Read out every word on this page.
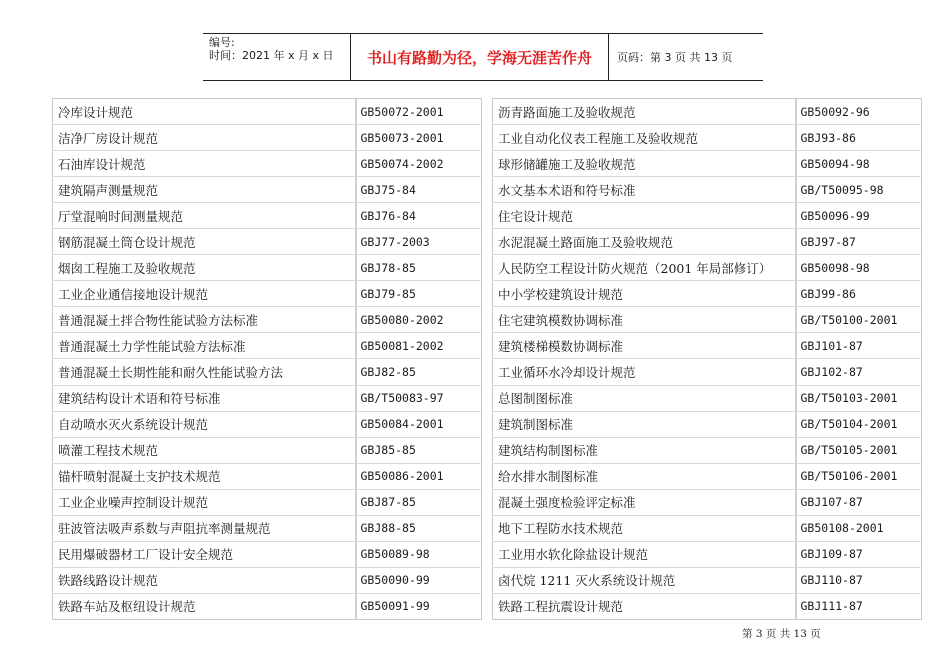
编号:
时间：2021 年 x 月 x 日	书山有路勤为径，学海无涯苦作舟	页码：第 3 页 共 13 页
冷库设计规范	GB50072-2001
洁净厂房设计规范	GB50073-2001
石油库设计规范	GB50074-2002
建筑隔声测量规范	GBJ75-84
厅堂混响时间测量规范	GBJ76-84
钢筋混凝土筒仓设计规范	GBJ77-2003
烟囱工程施工及验收规范	GBJ78-85
工业企业通信接地设计规范	GBJ79-85
普通混凝土拌合物性能试验方法标准	GB50080-2002
普通混凝土力学性能试验方法标准	GB50081-2002
普通混凝土长期性能和耐久性能试验方法	GBJ82-85
建筑结构设计术语和符号标准	GB/T50083-97
自动喷水灭火系统设计规范	GB50084-2001
喷灌工程技术规范	GBJ85-85
锚杆喷射混凝土支护技术规范	GB50086-2001
工业企业噪声控制设计规范	GBJ87-85
驻波管法吸声系数与声阻抗率测量规范	GBJ88-85
民用爆破器材工厂设计安全规范	GB50089-98
铁路线路设计规范	GB50090-99
铁路车站及枢纽设计规范	GB50091-99
沥青路面施工及验收规范	GB50092-96
工业自动化仪表工程施工及验收规范	GBJ93-86
球形储罐施工及验收规范	GB50094-98
水文基本术语和符号标准	GB/T50095-98
住宅设计规范	GB50096-99
水泥混凝土路面施工及验收规范	GBJ97-87
人民防空工程设计防火规范（2001 年局部修订）	GB50098-98
中小学校建筑设计规范	GBJ99-86
住宅建筑模数协调标准	GB/T50100-2001
建筑楼梯模数协调标准	GBJ101-87
工业循环水冷却设计规范	GBJ102-87
总图制图标准	GB/T50103-2001
建筑制图标准	GB/T50104-2001
建筑结构制图标准	GB/T50105-2001
给水排水制图标准	GB/T50106-2001
混凝土强度检验评定标准	GBJ107-87
地下工程防水技术规范	GB50108-2001
工业用水软化除盐设计规范	GBJ109-87
卤代烷 1211 灭火系统设计规范	GBJ110-87
铁路工程抗震设计规范	GBJ111-87
第 3 页 共 13 页
